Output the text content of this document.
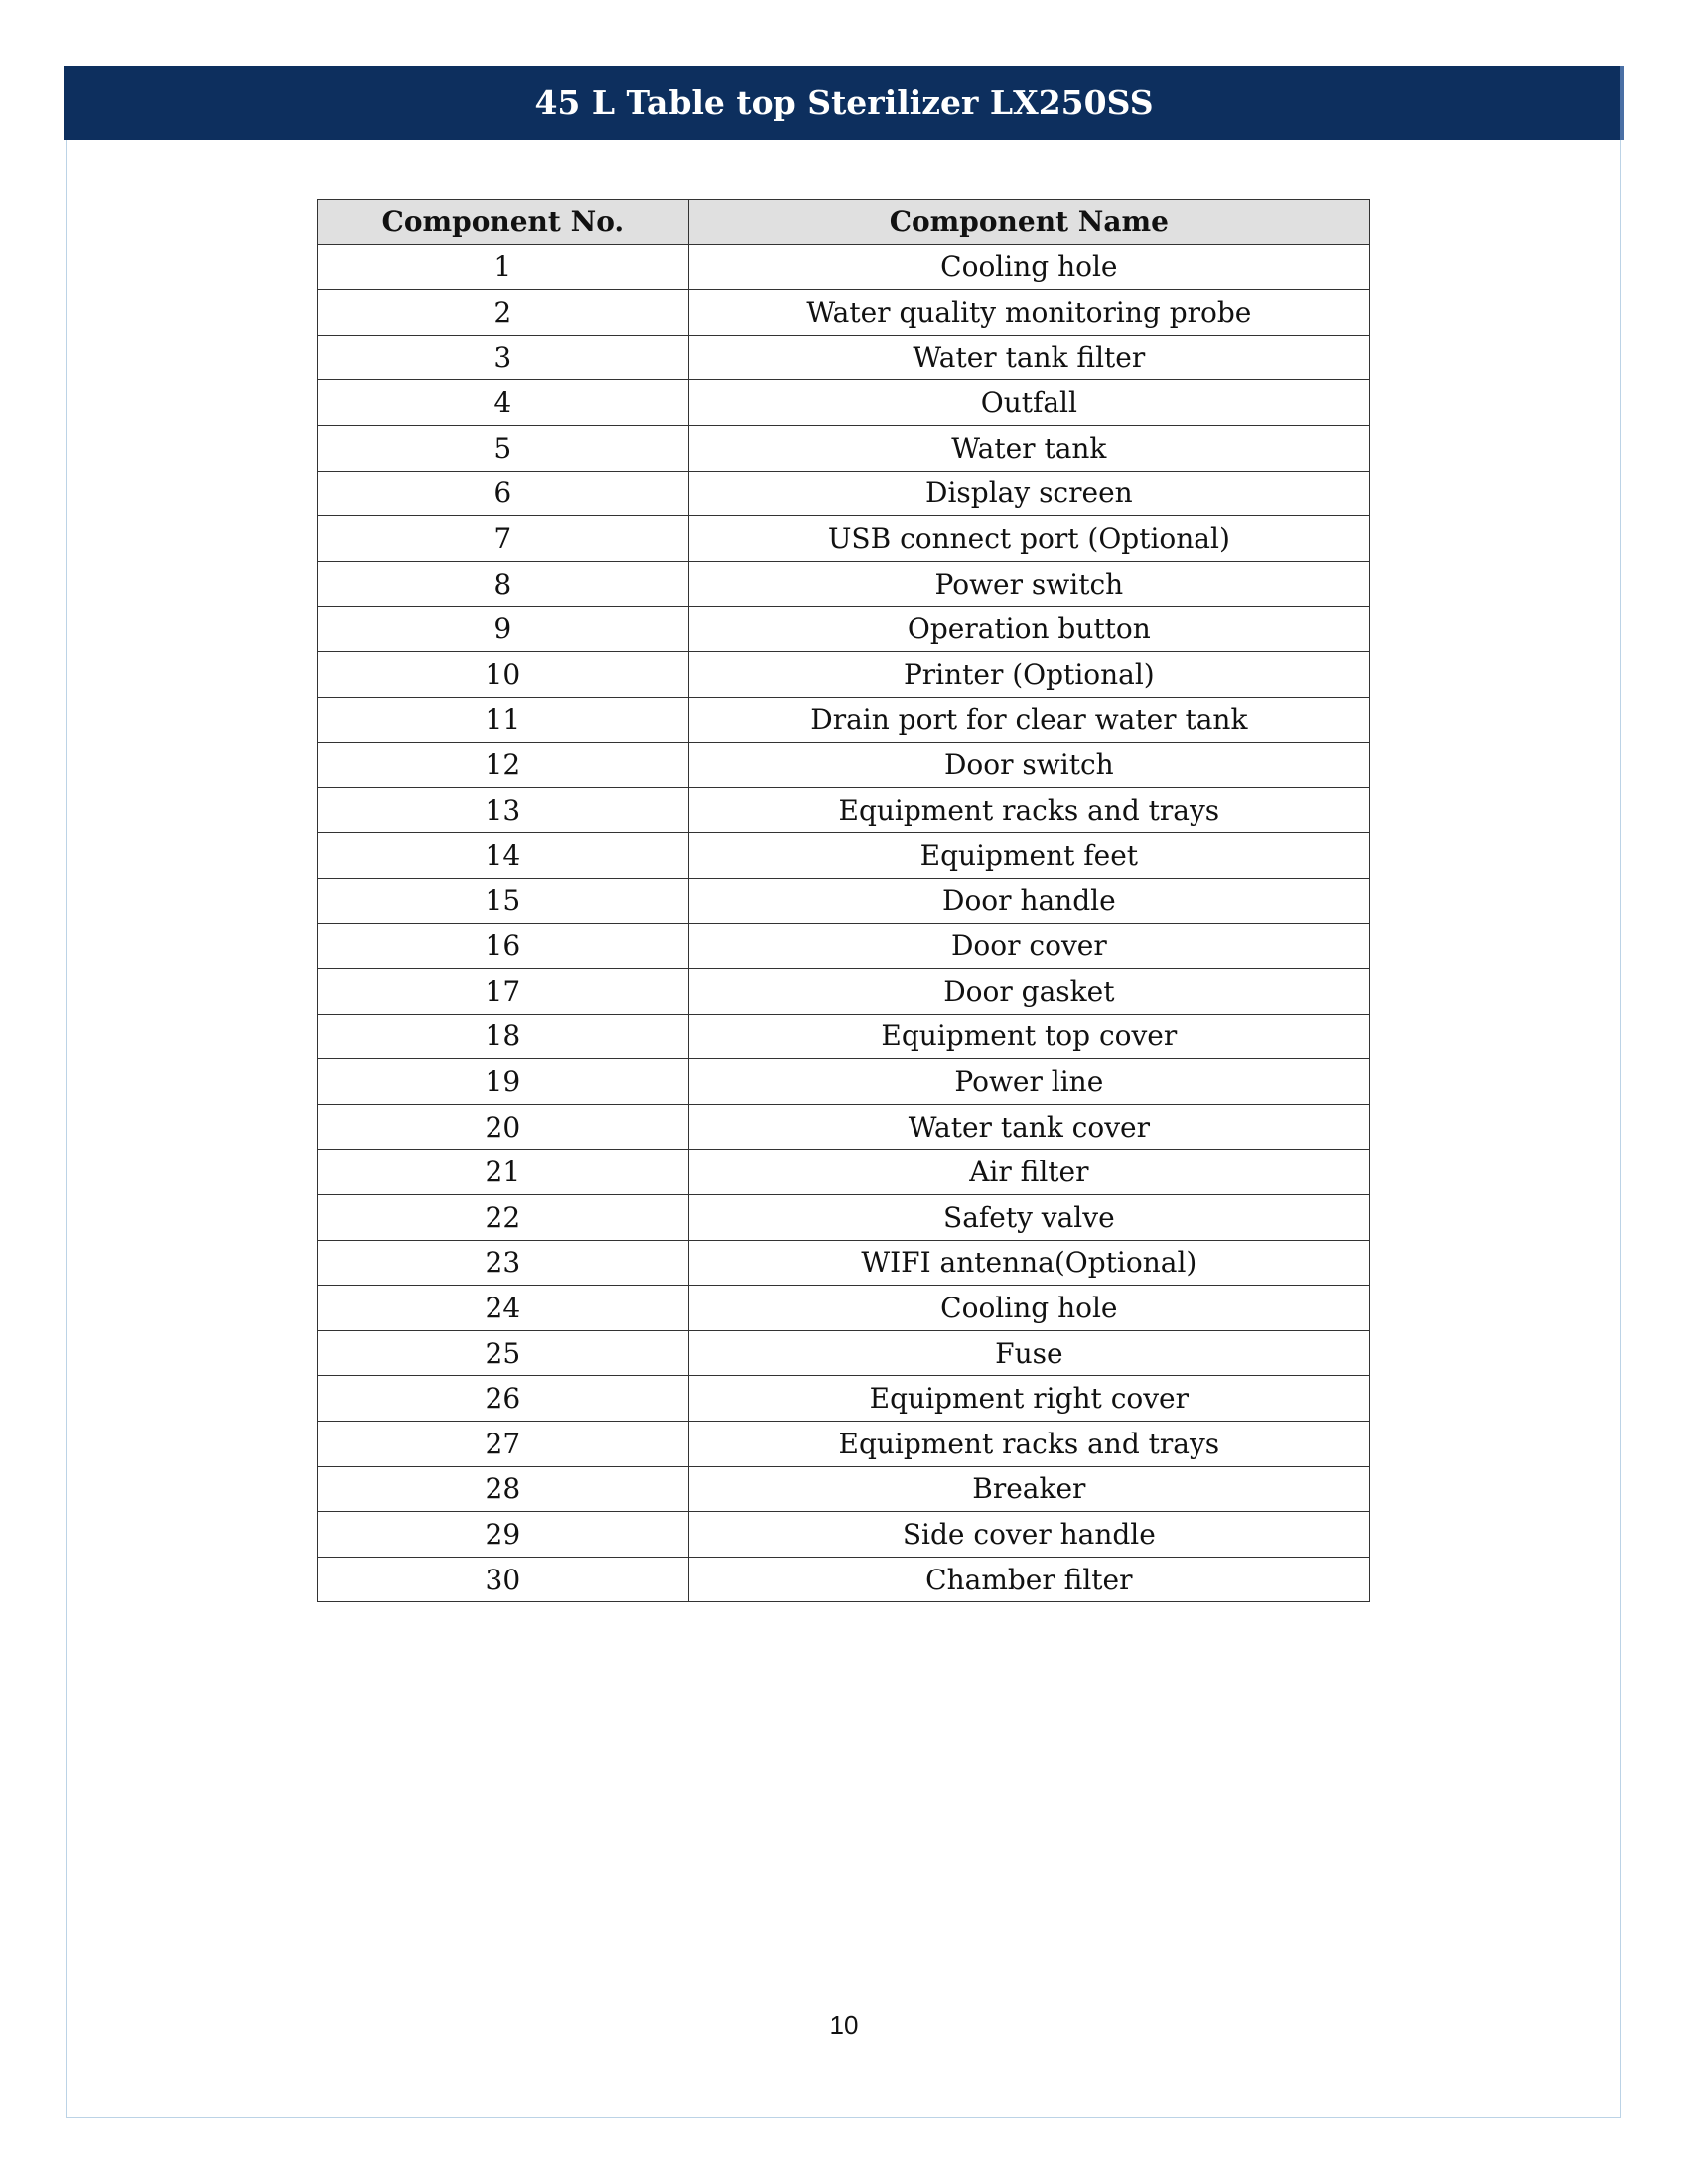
45 L Table top Sterilizer LX250SS
Component No.	Component Name
1	Cooling hole
2	Water quality monitoring probe
3	Water tank filter
4	Outfall
5	Water tank
6	Display screen
7	USB connect port (Optional)
8	Power switch
9	Operation button
10	Printer (Optional)
11	Drain port for clear water tank
12	Door switch
13	Equipment racks and trays
14	Equipment feet
15	Door handle
16	Door cover
17	Door gasket
18	Equipment top cover
19	Power line
20	Water tank cover
21	Air filter
22	Safety valve
23	WIFI antenna(Optional)
24	Cooling hole
25	Fuse
26	Equipment right cover
27	Equipment racks and trays
28	Breaker
29	Side cover handle
30	Chamber filter
10
